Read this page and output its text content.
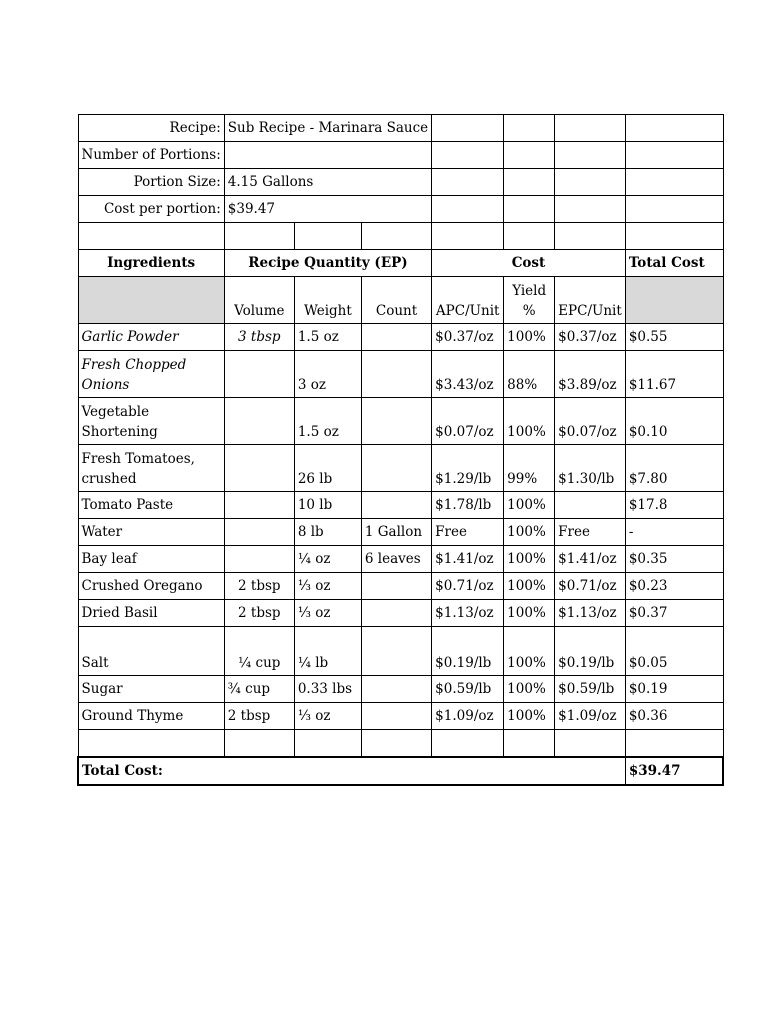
Recipe:	Sub Recipe - Marinara Sauce						
Number of Portions:							
Portion Size:	4.15 Gallons						
Cost per portion:	$39.47						

Ingredients	Recipe Quantity (EP)			Cost			Total Cost
	Volume	Weight	Count	APC/Unit	Yield %	EPC/Unit	
Garlic Powder	3 tbsp	1.5 oz		$0.37/oz	100%	$0.37/oz	$0.55
Fresh Chopped Onions		3 oz		$3.43/oz	88%	$3.89/oz	$11.67
Vegetable Shortening		1.5 oz		$0.07/oz	100%	$0.07/oz	$0.10
Fresh Tomatoes, crushed		26 lb		$1.29/lb	99%	$1.30/lb	$7.80
Tomato Paste		10 lb		$1.78/lb	100%		$17.8
Water		8 lb	1 Gallon	Free	100%	Free	-
Bay leaf		¼ oz	6 leaves	$1.41/oz	100%	$1.41/oz	$0.35
Crushed Oregano	2 tbsp	⅓ oz		$0.71/oz	100%	$0.71/oz	$0.23
Dried Basil	2 tbsp	⅓ oz		$1.13/oz	100%	$1.13/oz	$0.37
Salt	¼ cup	¼ lb		$0.19/lb	100%	$0.19/lb	$0.05
Sugar	¾ cup	0.33 lbs		$0.59/lb	100%	$0.59/lb	$0.19
Ground Thyme	2 tbsp	⅓ oz		$1.09/oz	100%	$1.09/oz	$0.36

Total Cost:							$39.47
